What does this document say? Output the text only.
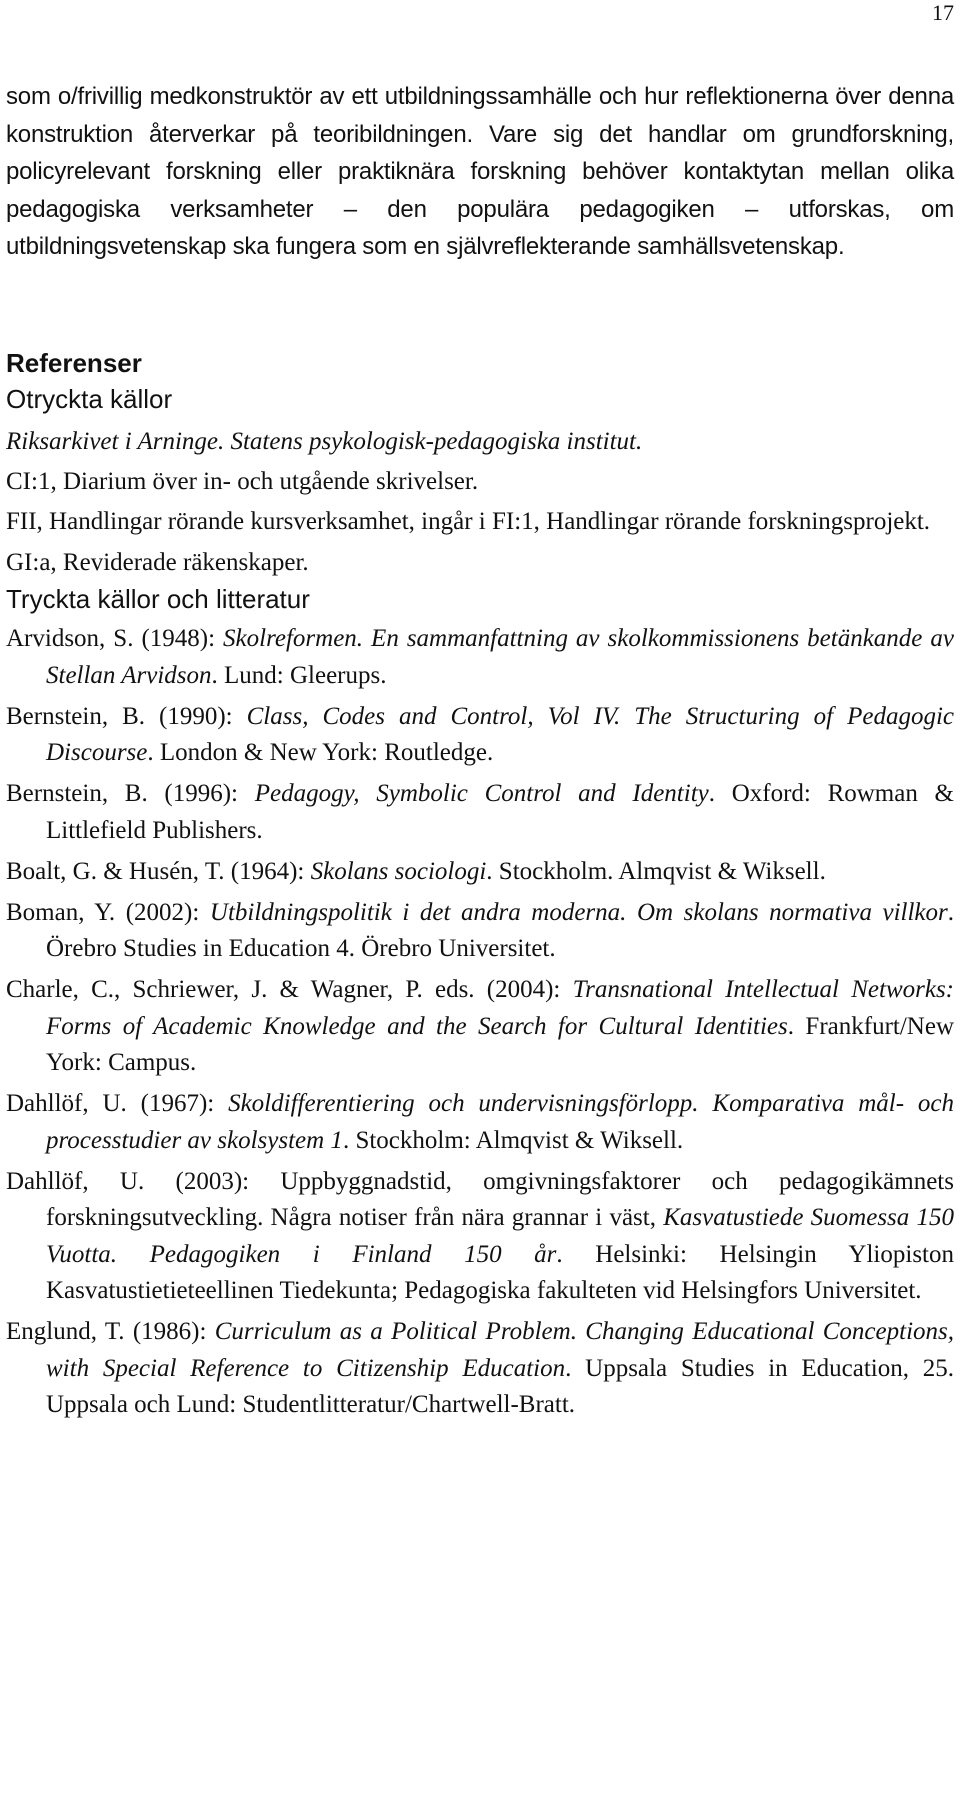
17

som o/frivillig medkonstruktör av ett utbildningssamhälle och hur reflektionerna över denna konstruktion återverkar på teoribildningen. Vare sig det handlar om grundforskning, policyrelevant forskning eller praktiknära forskning behöver kontaktytan mellan olika pedagogiska verksamheter – den populära pedagogiken – utforskas, om utbildningsvetenskap ska fungera som en självreflekterande samhällsvetenskap.

Referenser
Otryckta källor

Riksarkivet i Arninge. Statens psykologisk-pedagogiska institut.

CI:1, Diarium över in- och utgående skrivelser.

FII, Handlingar rörande kursverksamhet, ingår i FI:1, Handlingar rörande forskningsprojekt.

GI:a, Reviderade räkenskaper.

Tryckta källor och litteratur

Arvidson, S. (1948): Skolreformen. En sammanfattning av skolkommissionens betänkande av Stellan Arvidson. Lund: Gleerups.

Bernstein, B. (1990): Class, Codes and Control, Vol IV. The Structuring of Pedagogic Discourse. London & New York: Routledge.

Bernstein, B. (1996): Pedagogy, Symbolic Control and Identity. Oxford: Rowman & Littlefield Publishers.

Boalt, G. & Husén, T. (1964): Skolans sociologi. Stockholm. Almqvist & Wiksell.

Boman, Y. (2002): Utbildningspolitik i det andra moderna. Om skolans normativa villkor. Örebro Studies in Education 4. Örebro Universitet.

Charle, C., Schriewer, J. & Wagner, P. eds. (2004): Transnational Intellectual Networks: Forms of Academic Knowledge and the Search for Cultural Identities. Frankfurt/New York: Campus.

Dahllöf, U. (1967): Skoldifferentiering och undervisningsförlopp. Komparativa mål- och processtudier av skolsystem 1. Stockholm: Almqvist & Wiksell.

Dahllöf, U. (2003): Uppbyggnadstid, omgivningsfaktorer och pedagogikämnets forskningsutveckling. Några notiser från nära grannar i väst, Kasvatustiede Suomessa 150 Vuotta. Pedagogiken i Finland 150 år. Helsinki: Helsingin Yliopiston Kasvatustietieteellinen Tiedekunta; Pedagogiska fakulteten vid Helsingfors Universitet.

Englund, T. (1986): Curriculum as a Political Problem. Changing Educational Conceptions, with Special Reference to Citizenship Education. Uppsala Studies in Education, 25. Uppsala och Lund: Studentlitteratur/Chartwell-Bratt.
